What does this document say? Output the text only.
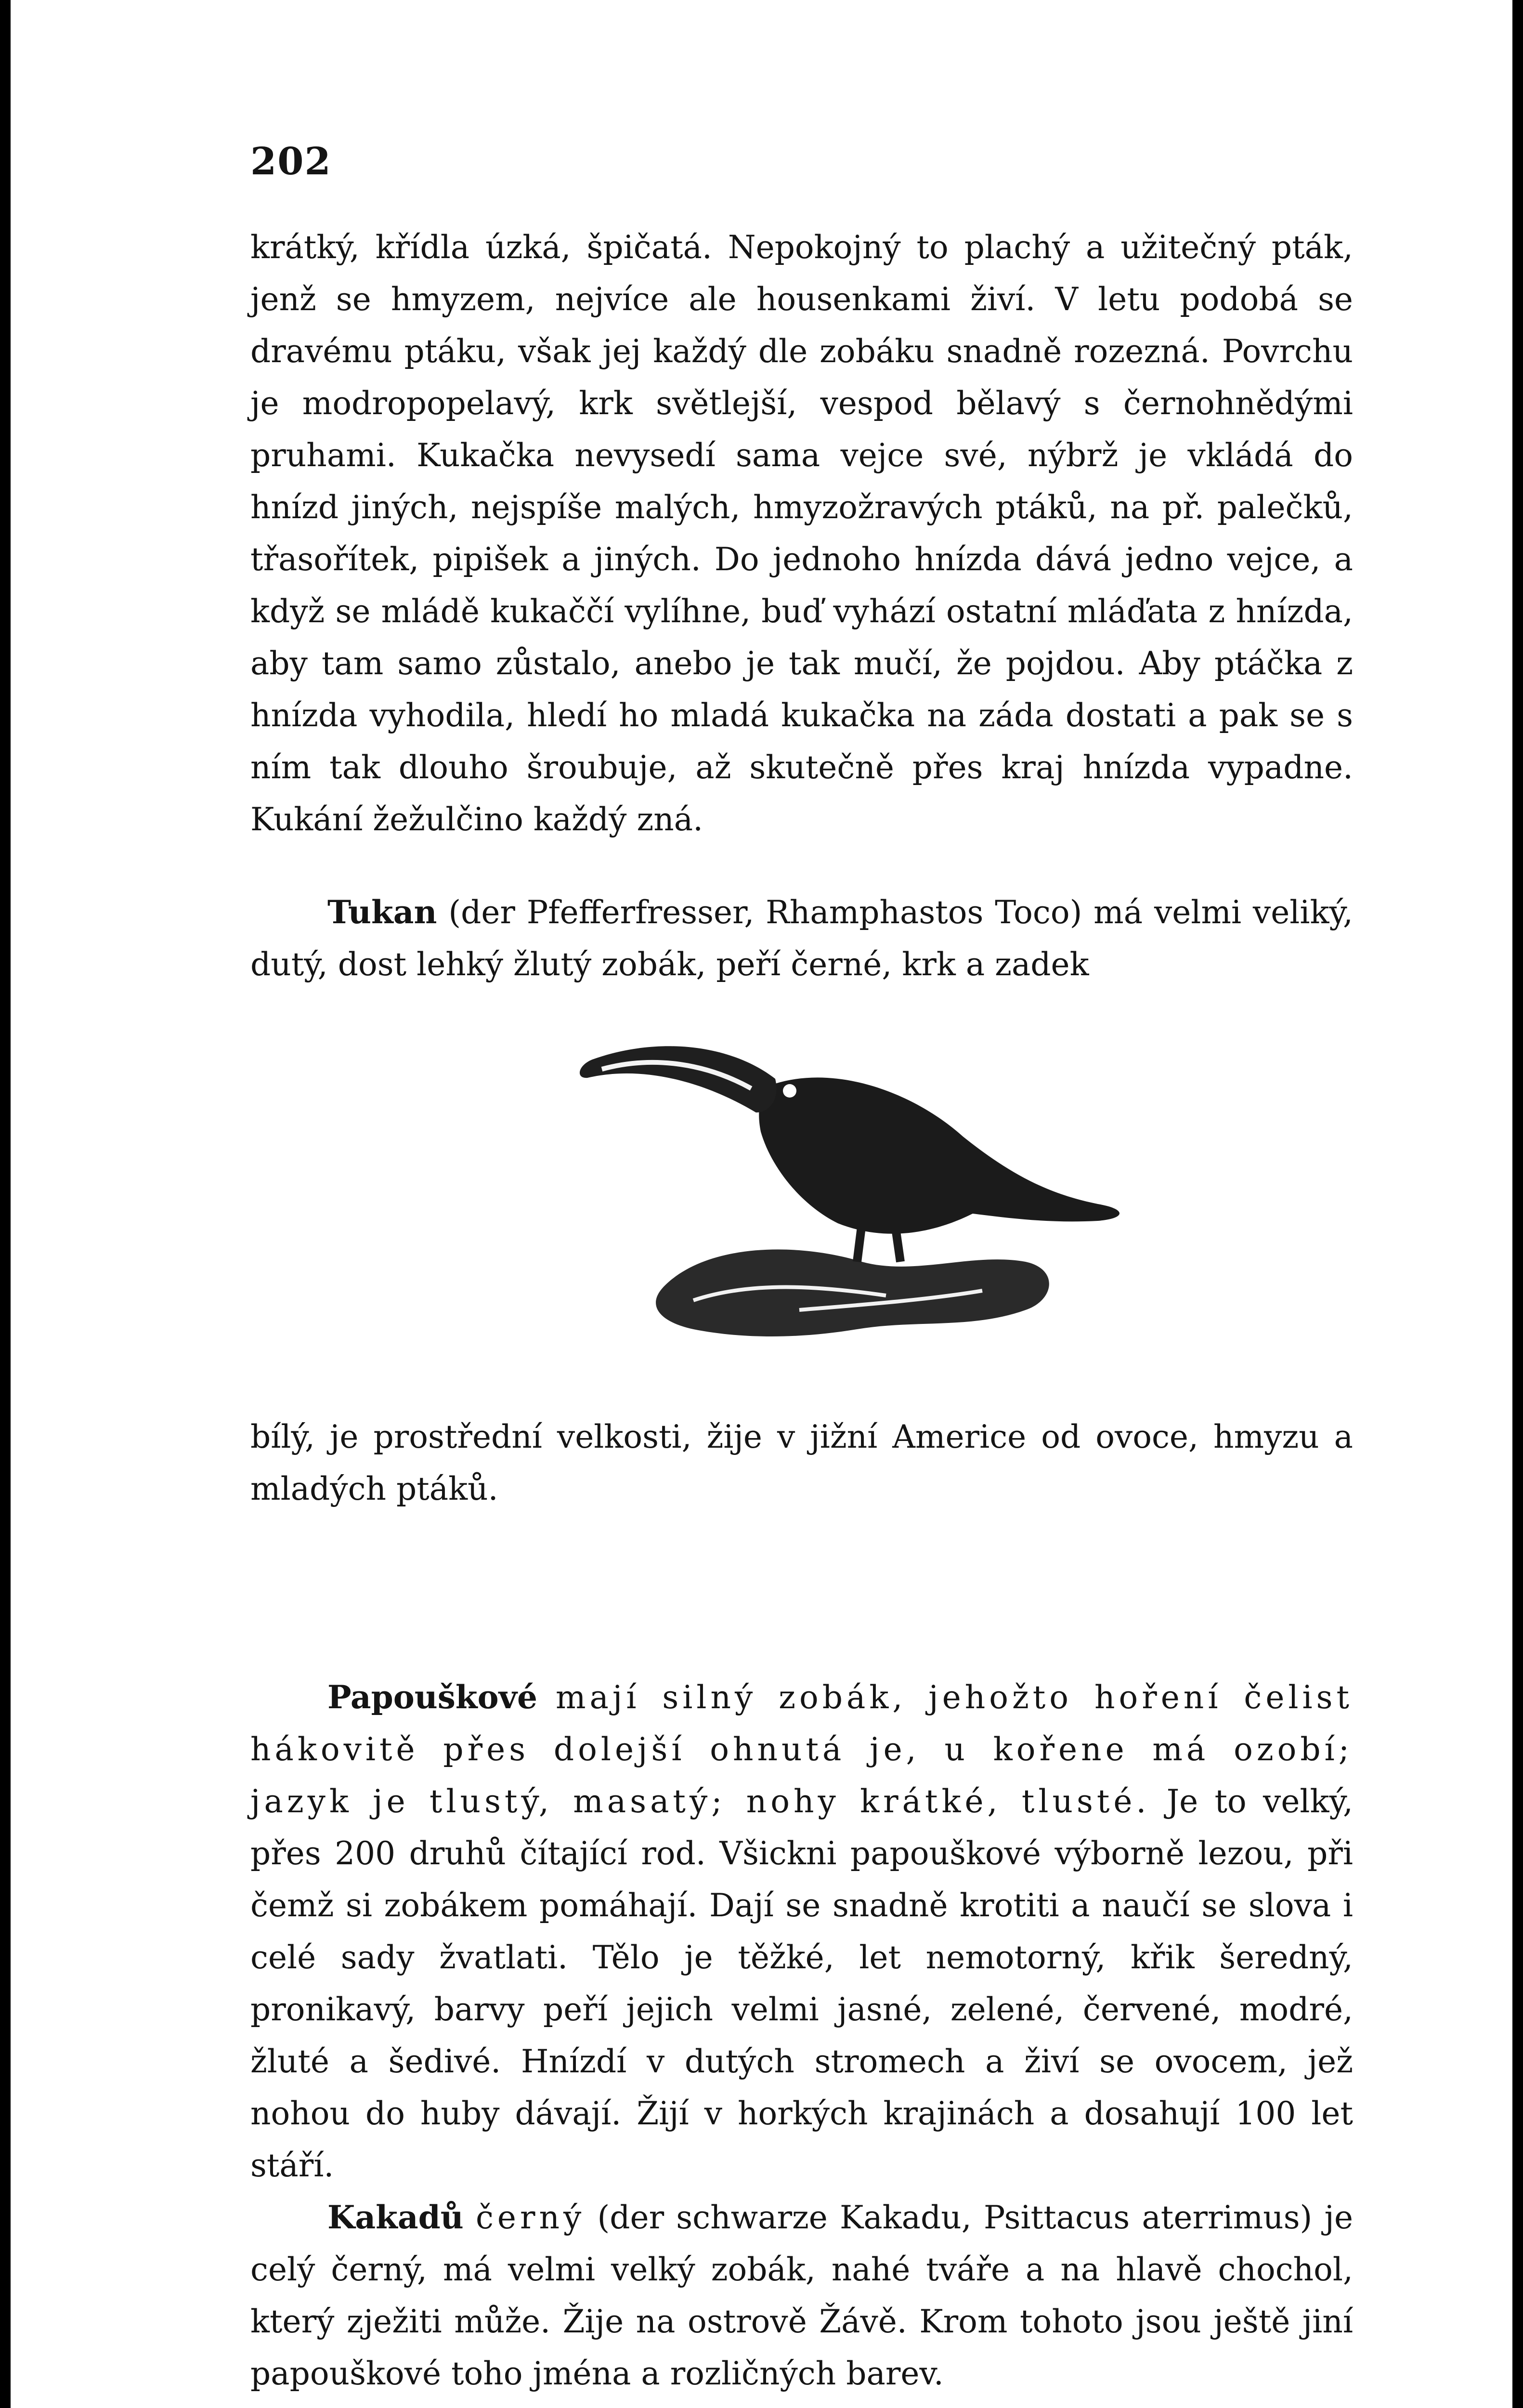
202

krátký, křídla úzká, špičatá. Nepokojný to plachý a užitečný pták, jenž se hmyzem, nejvíce ale housenkami živí. V letu podobá se dravému ptáku, však jej každý dle zobáku snadně rozezná. Povrchu je modropopelavý, krk světlejší, vespod bělavý s černohnědými pruhami. Kukačka nevysedí sama vejce své, nýbrž je vkládá do hnízd jiných, nejspíše malých, hmyzožravých ptáků, na př. palečků, třasořítek, pipišek a jiných. Do jednoho hnízda dává jedno vejce, a když se mládě kukaččí vylíhne, buď vyhází ostatní mláďata z hnízda, aby tam samo zůstalo, anebo je tak mučí, že pojdou. Aby ptáčka z hnízda vyhodila, hledí ho mladá kukačka na záda dostati a pak se s ním tak dlouho šroubuje, až skutečně přes kraj hnízda vypadne. Kukání žežulčino každý zná.

Tukan (der Pfefferfresser, Rhamphastos Toco) má velmi veliký, dutý, dost lehký žlutý zobák, peří černé, krk a zadek

bílý, je prostřední velkosti, žije v jižní Americe od ovoce, hmyzu a mladých ptáků.

Papouškové mají silný zobák, jehožto hoření čelist hákovitě přes dolejší ohnutá je, u kořene má ozobí; jazyk je tlustý, masatý; nohy krátké, tlusté. Je to velký, přes 200 druhů čítající rod. Všickni papouškové výborně lezou, při čemž si zobákem pomáhají. Dají se snadně krotiti a naučí se slova i celé sady žvatlati. Tělo je těžké, let nemotorný, křik šeredný, pronikavý, barvy peří jejich velmi jasné, zelené, červené, modré, žluté a šedivé. Hnízdí v dutých stromech a živí se ovocem, jež nohou do huby dávají. Žijí v horkých krajinách a dosahují 100 let stáří.

Kakadů černý (der schwarze Kakadu, Psittacus aterrimus) je celý černý, má velmi velký zobák, nahé tváře a na hlavě chochol, který zježiti může. Žije na ostrově Žávě. Krom tohoto jsou ještě jiní papouškové toho jména a rozličných barev.
